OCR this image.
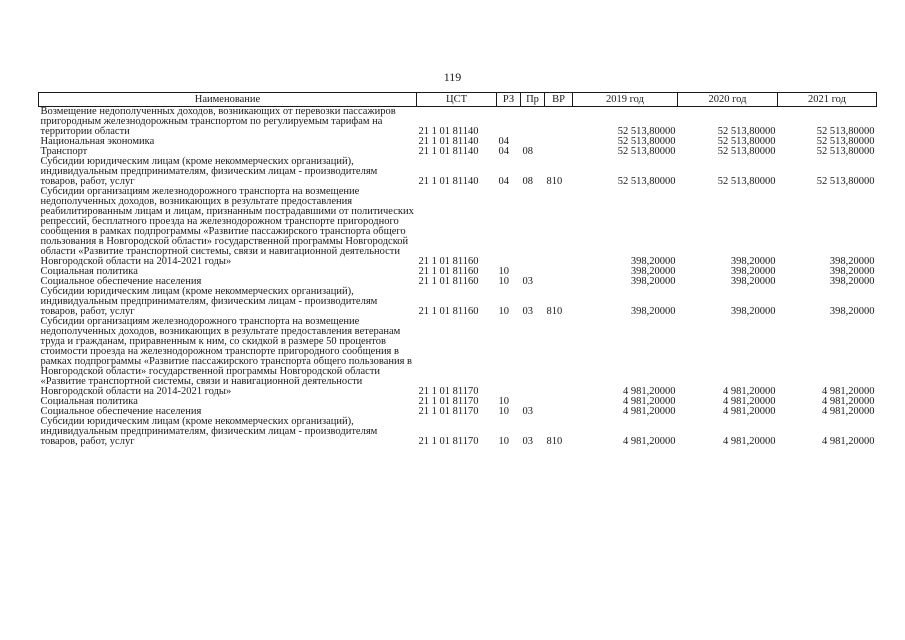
119
Наименование	ЦСТ	РЗ	Пр	ВР	2019 год	2020 год	2021 год
Возмещение недополученных доходов, возникающих от перевозки пассажиров пригородным железнодорожным транспортом по регулируемым тарифам на территории области	21 1 01 81140				52 513,80000	52 513,80000	52 513,80000
Национальная экономика	21 1 01 81140	04			52 513,80000	52 513,80000	52 513,80000
Транспорт	21 1 01 81140	04	08		52 513,80000	52 513,80000	52 513,80000
Субсидии юридическим лицам (кроме некоммерческих организаций), индивидуальным предпринимателям, физическим лицам - производителям товаров, работ, услуг	21 1 01 81140	04	08	810	52 513,80000	52 513,80000	52 513,80000
Субсидии организациям железнодорожного транспорта на возмещение недополученных доходов, возникающих в результате предоставления реабилитированным лицам и лицам, признанным пострадавшими от политических репрессий, бесплатного проезда на железнодорожном транспорте пригородного сообщения в рамках подпрограммы «Развитие пассажирского транспорта общего пользования в Новгородской области» государственной программы Новгородской области «Развитие транспортной системы, связи и навигационной деятельности Новгородской области на 2014-2021 годы»	21 1 01 81160				398,20000	398,20000	398,20000
Социальная политика	21 1 01 81160	10			398,20000	398,20000	398,20000
Социальное обеспечение населения	21 1 01 81160	10	03		398,20000	398,20000	398,20000
Субсидии юридическим лицам (кроме некоммерческих организаций), индивидуальным предпринимателям, физическим лицам - производителям товаров, работ, услуг	21 1 01 81160	10	03	810	398,20000	398,20000	398,20000
Субсидии организациям железнодорожного транспорта на возмещение недополученных доходов, возникающих в результате предоставления ветеранам труда и гражданам, приравненным к ним, со скидкой в размере 50 процентов стоимости проезда на железнодорожном транспорте пригородного сообщения в рамках подпрограммы «Развитие пассажирского транспорта общего пользования в Новгородской области» государственной программы Новгородской области «Развитие транспортной системы, связи и навигационной деятельности Новгородской области на 2014-2021 годы»	21 1 01 81170				4 981,20000	4 981,20000	4 981,20000
Социальная политика	21 1 01 81170	10			4 981,20000	4 981,20000	4 981,20000
Социальное обеспечение населения	21 1 01 81170	10	03		4 981,20000	4 981,20000	4 981,20000
Субсидии юридическим лицам (кроме некоммерческих организаций), индивидуальным предпринимателям, физическим лицам - производителям товаров, работ, услуг	21 1 01 81170	10	03	810	4 981,20000	4 981,20000	4 981,20000
